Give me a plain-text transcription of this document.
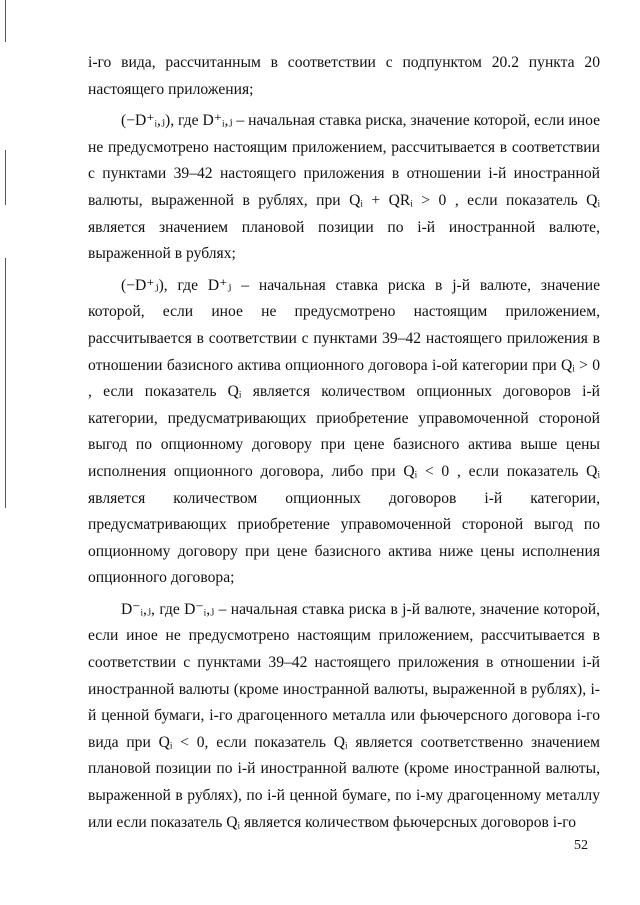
i-го вида, рассчитанным в соответствии с подпунктом 20.2 пункта 20 настоящего приложения;

(−D⁺ᵢ,ⱼ), где D⁺ᵢ,ⱼ – начальная ставка риска, значение которой, если иное не предусмотрено настоящим приложением, рассчитывается в соответствии с пунктами 39–42 настоящего приложения в отношении i-й иностранной валюты, выраженной в рублях, при Qᵢ + QRᵢ > 0 , если показатель Qᵢ является значением плановой позиции по i-й иностранной валюте, выраженной в рублях;

(−D⁺ⱼ), где D⁺ⱼ – начальная ставка риска в j-й валюте, значение которой, если иное не предусмотрено настоящим приложением, рассчитывается в соответствии с пунктами 39–42 настоящего приложения в отношении базисного актива опционного договора i-ой категории при Qᵢ > 0 , если показатель Qᵢ является количеством опционных договоров i-й категории, предусматривающих приобретение управомоченной стороной выгод по опционному договору при цене базисного актива выше цены исполнения опционного договора, либо при Qᵢ < 0 , если показатель Qᵢ является количеством опционных договоров i-й категории, предусматривающих приобретение управомоченной стороной выгод по опционному договору при цене базисного актива ниже цены исполнения опционного договора;

D⁻ᵢ,ⱼ, где D⁻ᵢ,ⱼ – начальная ставка риска в j-й валюте, значение которой, если иное не предусмотрено настоящим приложением, рассчитывается в соответствии с пунктами 39–42 настоящего приложения в отношении i-й иностранной валюты (кроме иностранной валюты, выраженной в рублях), i-й ценной бумаги, i-го драгоценного металла или фьючерсного договора i-го вида при Qᵢ < 0, если показатель Qᵢ является соответственно значением плановой позиции по i-й иностранной валюте (кроме иностранной валюты, выраженной в рублях), по i-й ценной бумаге, по i-му драгоценному металлу или если показатель Qᵢ является количеством фьючерсных договоров i-го

52
